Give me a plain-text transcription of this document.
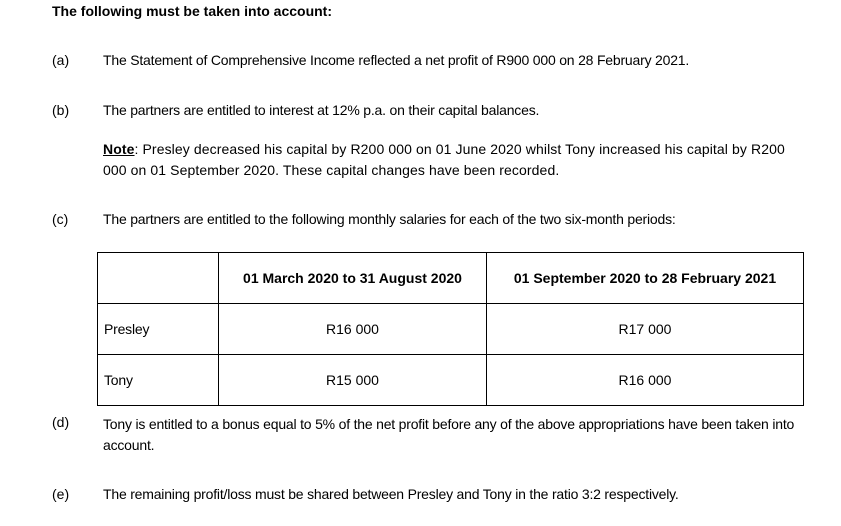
The following must be taken into account:
(a) The Statement of Comprehensive Income reflected a net profit of R900 000 on 28 February 2021.
(b) The partners are entitled to interest at 12% p.a. on their capital balances.
Note: Presley decreased his capital by R200 000 on 01 June 2020 whilst Tony increased his capital by R200 000 on 01 September 2020. These capital changes have been recorded.
(c) The partners are entitled to the following monthly salaries for each of the two six-month periods:
	01 March 2020 to 31 August 2020	01 September 2020 to 28 February 2021
Presley	R16 000	R17 000
Tony	R15 000	R16 000
(d) Tony is entitled to a bonus equal to 5% of the net profit before any of the above appropriations have been taken into account.
(e) The remaining profit/loss must be shared between Presley and Tony in the ratio 3:2 respectively.
